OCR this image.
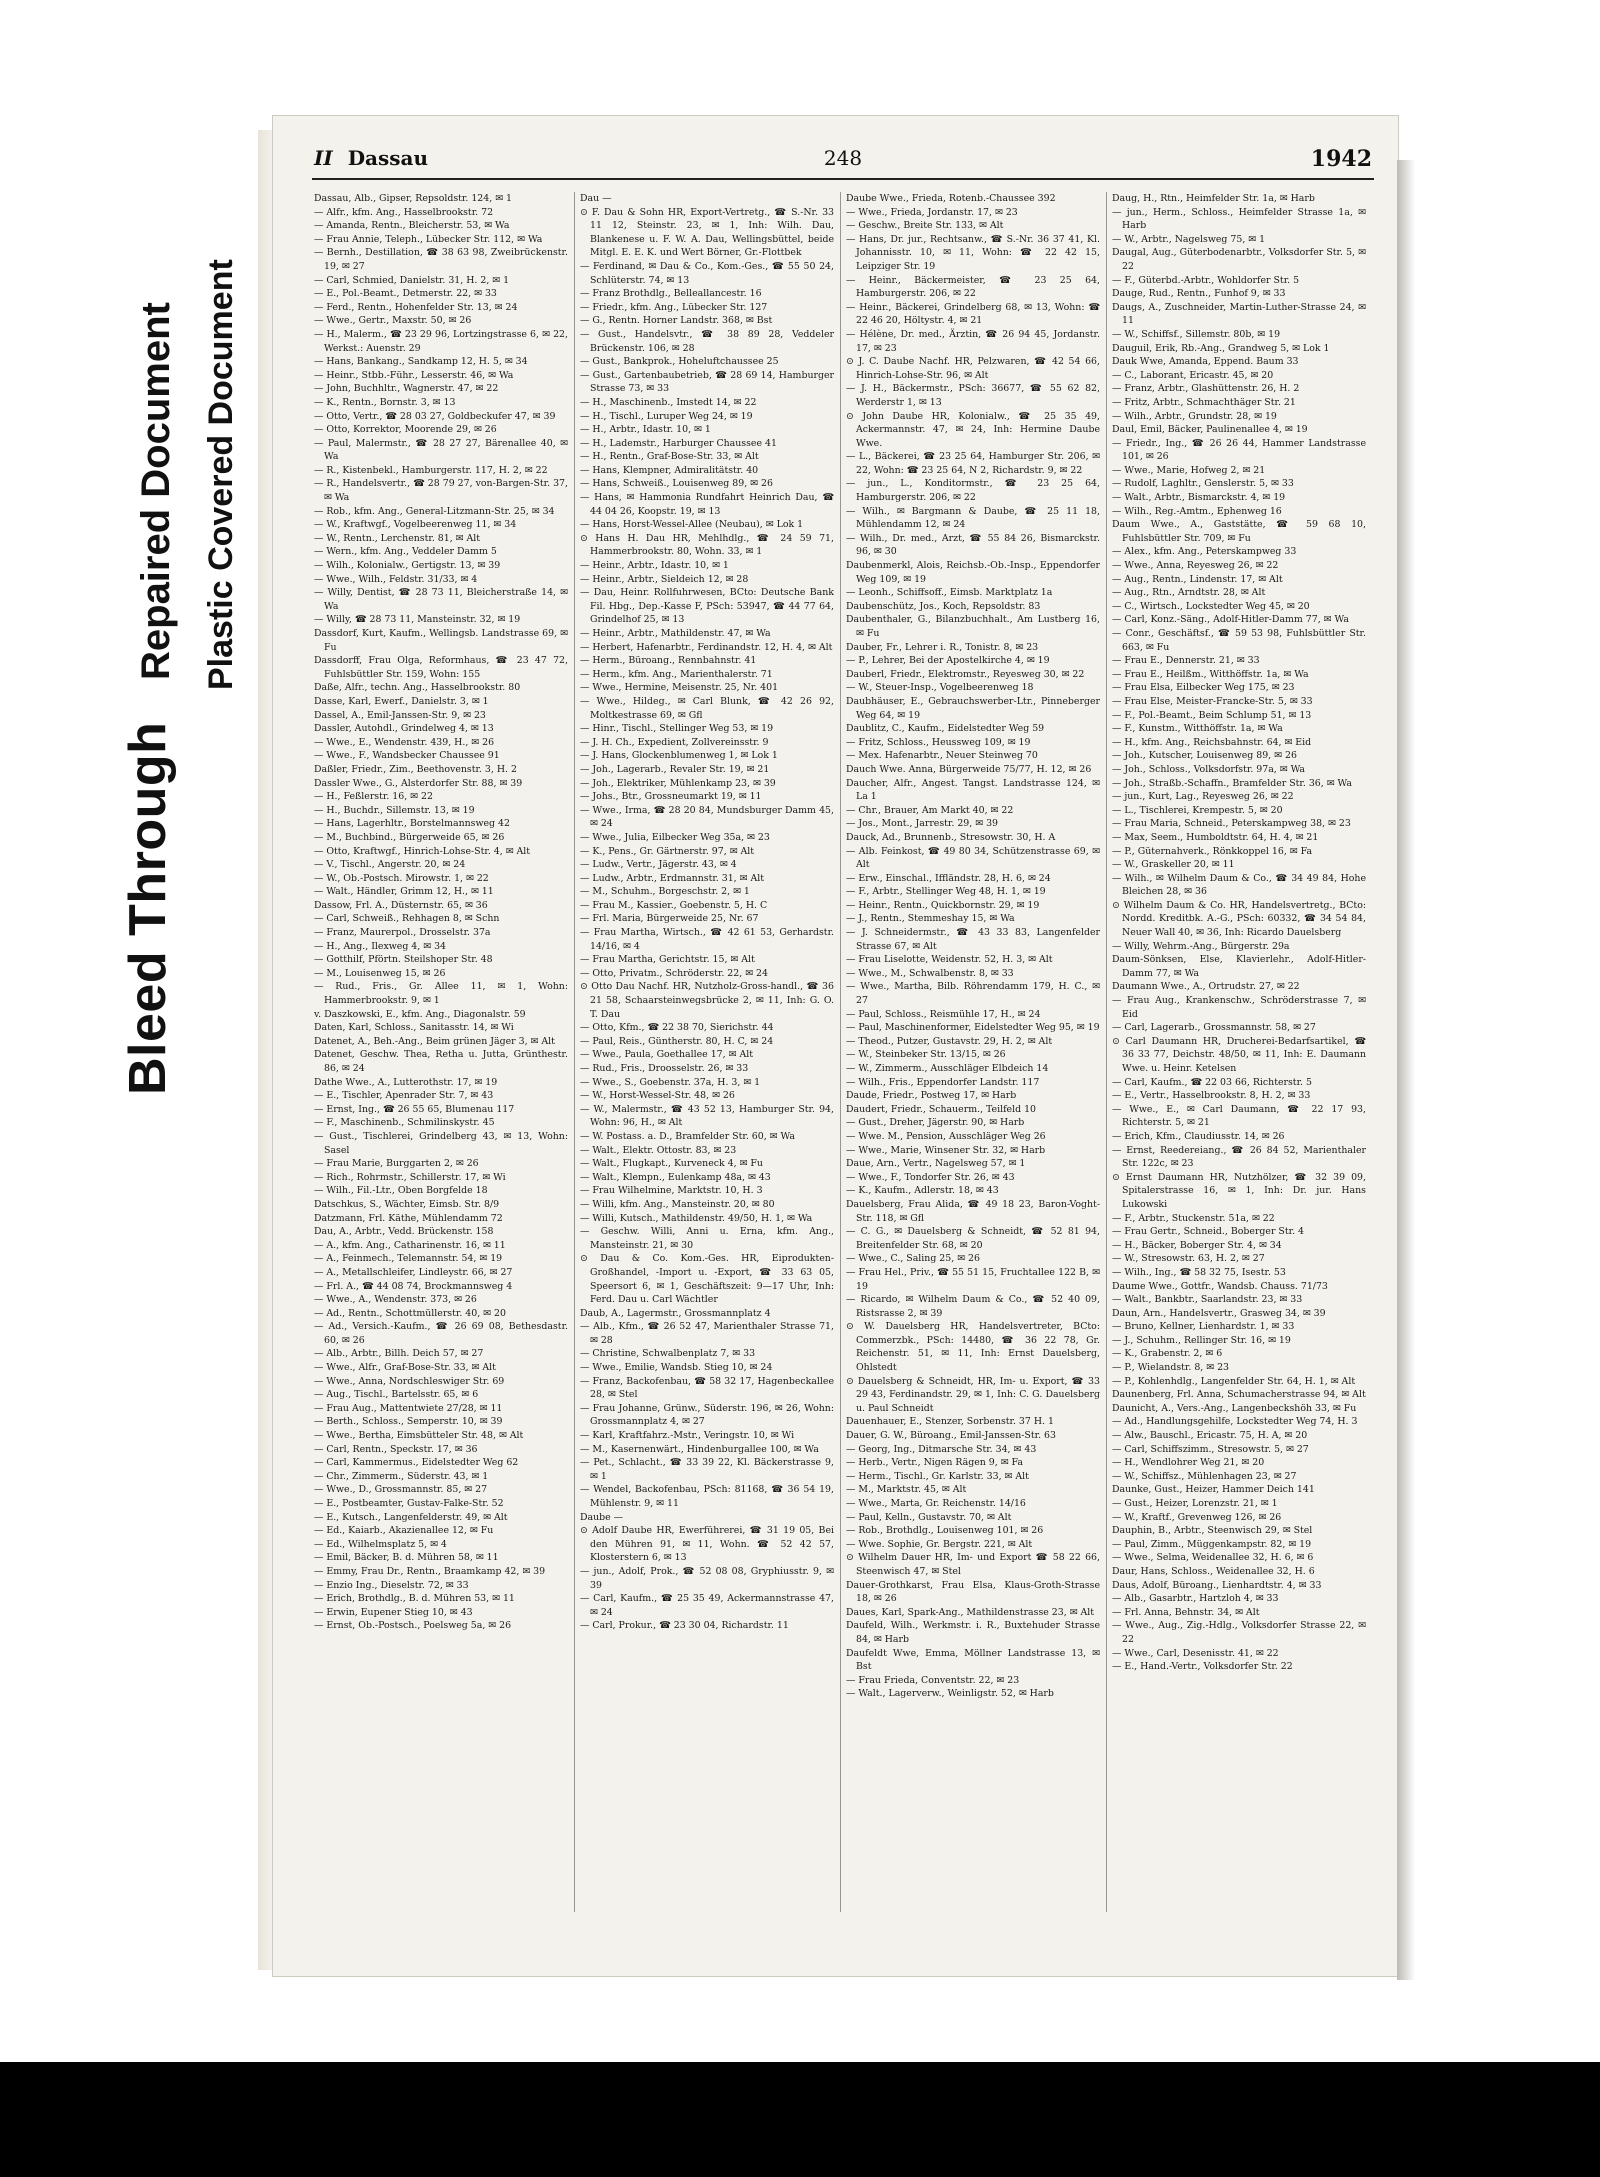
Bleed Through
Repaired Document Plastic Covered Document
II Dassau	248	1942
Dassau, Alb., Gipser, Repsoldstr. 124, ✉ 1
— Alfr., kfm. Ang., Hasselbrookstr. 72
— Amanda, Rentn., Bleicherstr. 53, ✉ Wa
— Frau Annie, Teleph., Lübecker Str. 112, ✉ Wa
— Bernh., Destillation, ☎ 38 63 98, Zweibrückenstr. 19, ✉ 27
— Carl, Schmied, Danielstr. 31, H. 2, ✉ 1
— E., Pol.-Beamt., Detmerstr. 22, ✉ 33
— Ferd., Rentn., Hohenfelder Str. 13, ✉ 24
— Wwe., Gertr., Maxstr. 50, ✉ 26
— H., Malerm., ☎ 23 29 96, Lortzingstrasse 6, ✉ 22, Werkst.: Auenstr. 29
— Hans, Bankang., Sandkamp 12, H. 5, ✉ 34
— Heinr., Stbb.-Führ., Lesserstr. 46, ✉ Wa
— John, Buchhltr., Wagnerstr. 47, ✉ 22
— K., Rentn., Bornstr. 3, ✉ 13
— Otto, Vertr., ☎ 28 03 27, Goldbeckufer 47, ✉ 39
— Otto, Korrektor, Moorende 29, ✉ 26
— Paul, Malermstr., ☎ 28 27 27, Bärenallee 40, ✉ Wa
— R., Kistenbekl., Hamburgerstr. 117, H. 2, ✉ 22
— R., Handelsvertr., ☎ 28 79 27, von-Bargen-Str. 37, ✉ Wa
— Rob., kfm. Ang., General-Litzmann-Str. 25, ✉ 34
— W., Kraftwgf., Vogelbeerenweg 11, ✉ 34
— W., Rentn., Lerchenstr. 81, ✉ Alt
— Wern., kfm. Ang., Veddeler Damm 5
— Wilh., Kolonialw., Gertigstr. 13, ✉ 39
— Wwe., Wilh., Feldstr. 31/33, ✉ 4
— Willy, Dentist, ☎ 28 73 11, Bleicherstraße 14, ✉ Wa
— Willy, ☎ 28 73 11, Mansteinstr. 32, ✉ 19
Dassdorf, Kurt, Kaufm., Wellingsb. Landstrasse 69, ✉ Fu
Dassdorff, Frau Olga, Reformhaus, ☎ 23 47 72, Fuhlsbüttler Str. 159, Wohn: 155
Daße, Alfr., techn. Ang., Hasselbrookstr. 80
Dasse, Karl, Ewerf., Danielstr. 3, ✉ 1
Dassel, A., Emil-Janssen-Str. 9, ✉ 23
Dassler, Autohdl., Grindelweg 4, ✉ 13
— Wwe., E., Wendenstr. 439, H., ✉ 26
— Wwe., F., Wandsbecker Chaussee 91
Daßler, Friedr., Zim., Beethovenstr. 3, H. 2
Dassler Wwe., G., Alsterdorfer Str. 88, ✉ 39
— H., Feßlerstr. 16, ✉ 22
— H., Buchdr., Sillemstr. 13, ✉ 19
— Hans, Lagerhltr., Borstelmannsweg 42
— M., Buchbind., Bürgerweide 65, ✉ 26
— Otto, Kraftwgf., Hinrich-Lohse-Str. 4, ✉ Alt
— V., Tischl., Angerstr. 20, ✉ 24
— W., Ob.-Postsch. Mirowstr. 1, ✉ 22
— Walt., Händler, Grimm 12, H., ✉ 11
Dassow, Frl. A., Düsternstr. 65, ✉ 36
— Carl, Schweiß., Rehhagen 8, ✉ Schn
— Franz, Maurerpol., Drosselstr. 37a
— H., Ang., Ilexweg 4, ✉ 34
— Gotthilf, Pförtn. Steilshoper Str. 48
— M., Louisenweg 15, ✉ 26
— Rud., Fris., Gr. Allee 11, ✉ 1, Wohn: Hammerbrookstr. 9, ✉ 1
v. Daszkowski, E., kfm. Ang., Diagonalstr. 59
Daten, Karl, Schloss., Sanitasstr. 14, ✉ Wi
Datenet, A., Beh.-Ang., Beim grünen Jäger 3, ✉ Alt
Datenet, Geschw. Thea, Retha u. Jutta, Grünthestr. 86, ✉ 24
Dathe Wwe., A., Lutterothstr. 17, ✉ 19
— E., Tischler, Apenrader Str. 7, ✉ 43
— Ernst, Ing., ☎ 26 55 65, Blumenau 117
— F., Maschinenb., Schmilinskystr. 45
— Gust., Tischlerei, Grindelberg 43, ✉ 13, Wohn: Sasel
— Frau Marie, Burggarten 2, ✉ 26
— Rich., Rohrmstr., Schillerstr. 17, ✉ Wi
— Wilh., Fil.-Ltr., Oben Borgfelde 18
Datschkus, S., Wächter, Eimsb. Str. 8/9
Datzmann, Frl. Käthe, Mühlendamm 72
Dau, A., Arbtr., Vedd. Brückenstr. 158
— A., kfm. Ang., Catharinenstr. 16, ✉ 11
— A., Feinmech., Telemannstr. 54, ✉ 19
— A., Metallschleifer, Lindleystr. 66, ✉ 27
— Frl. A., ☎ 44 08 74, Brockmannsweg 4
— Wwe., A., Wendenstr. 373, ✉ 26
— Ad., Rentn., Schottmüllerstr. 40, ✉ 20
— Ad., Versich.-Kaufm., ☎ 26 69 08, Bethesdastr. 60, ✉ 26
— Alb., Arbtr., Billh. Deich 57, ✉ 27
— Wwe., Alfr., Graf-Bose-Str. 33, ✉ Alt
— Wwe., Anna, Nordschleswiger Str. 69
— Aug., Tischl., Bartelsstr. 65, ✉ 6
— Frau Aug., Mattentwiete 27/28, ✉ 11
— Berth., Schloss., Semperstr. 10, ✉ 39
— Wwe., Bertha, Eimsbütteler Str. 48, ✉ Alt
— Carl, Rentn., Speckstr. 17, ✉ 36
— Carl, Kammermus., Eidelstedter Weg 62
— Chr., Zimmerm., Süderstr. 43, ✉ 1
— Wwe., D., Grossmannstr. 85, ✉ 27
— E., Postbeamter, Gustav-Falke-Str. 52
— E., Kutsch., Langenfelderstr. 49, ✉ Alt
— Ed., Kaiarb., Akazienallee 12, ✉ Fu
— Ed., Wilhelmsplatz 5, ✉ 4
— Emil, Bäcker, B. d. Mühren 58, ✉ 11
— Emmy, Frau Dr., Rentn., Braamkamp 42, ✉ 39
— Enzio Ing., Dieselstr. 72, ✉ 33
— Erich, Brothdlg., B. d. Mühren 53, ✉ 11
— Erwin, Eupener Stieg 10, ✉ 43
— Ernst, Ob.-Postsch., Poelsweg 5a, ✉ 26
Dau —
⊙ F. Dau & Sohn HR, Export-Vertretg., ☎ S.-Nr. 33 11 12, Steinstr. 23, ✉ 1, Inh: Wilh. Dau, Blankenese u. F. W. A. Dau, Wellingsbüttel, beide Mitgl. E. E. K. und Wert Börner, Gr.-Flottbek
— Ferdinand, ✉ Dau & Co., Kom.-Ges., ☎ 55 50 24, Schlüterstr. 74, ✉ 13
— Franz Brothdlg., Belleallancestr. 16
— Friedr., kfm. Ang., Lübecker Str. 127
— G., Rentn. Horner Landstr. 368, ✉ Bst
— Gust., Handelsvtr., ☎ 38 89 28, Veddeler Brückenstr. 106, ✉ 28
— Gust., Bankprok., Hoheluftchaussee 25
— Gust., Gartenbaubetrieb, ☎ 28 69 14, Hamburger Strasse 73, ✉ 33
— H., Maschinenb., Imstedt 14, ✉ 22
— H., Tischl., Luruper Weg 24, ✉ 19
— H., Arbtr., Idastr. 10, ✉ 1
— H., Lademstr., Harburger Chaussee 41
— H., Rentn., Graf-Bose-Str. 33, ✉ Alt
— Hans, Klempner, Admiralitätstr. 40
— Hans, Schweiß., Louisenweg 89, ✉ 26
— Hans, ✉ Hammonia Rundfahrt Heinrich Dau, ☎ 44 04 26, Koopstr. 19, ✉ 13
— Hans, Horst-Wessel-Allee (Neubau), ✉ Lok 1
⊙ Hans H. Dau HR, Mehlhdlg., ☎ 24 59 71, Hammerbrookstr. 80, Wohn. 33, ✉ 1
— Heinr., Arbtr., Idastr. 10, ✉ 1
— Heinr., Arbtr., Sieldeich 12, ✉ 28
— Dau, Heinr. Rollfuhrwesen, BCto: Deutsche Bank Fil. Hbg., Dep.-Kasse F, PSch: 53947, ☎ 44 77 64, Grindelhof 25, ✉ 13
— Heinr., Arbtr., Mathildenstr. 47, ✉ Wa
— Herbert, Hafenarbtr., Ferdinandstr. 12, H. 4, ✉ Alt
— Herm., Büroang., Rennbahnstr. 41
— Herm., kfm. Ang., Marienthalerstr. 71
— Wwe., Hermine, Meisenstr. 25, Nr. 401
— Wwe., Hildeg., ✉ Carl Blunk, ☎ 42 26 92, Moltkestrasse 69, ✉ Gfl
— Hinr., Tischl., Stellinger Weg 53, ✉ 19
— J. H. Ch., Expedient, Zollvereinsstr. 9
— J. Hans, Glockenblumenweg 1, ✉ Lok 1
— Joh., Lagerarb., Revaler Str. 19, ✉ 21
— Joh., Elektriker, Mühlenkamp 23, ✉ 39
— Johs., Btr., Grossneumarkt 19, ✉ 11
— Wwe., Irma, ☎ 28 20 84, Mundsburger Damm 45, ✉ 24
— Wwe., Julia, Eilbecker Weg 35a, ✉ 23
— K., Pens., Gr. Gärtnerstr. 97, ✉ Alt
— Ludw., Vertr., Jägerstr. 43, ✉ 4
— Ludw., Arbtr., Erdmannstr. 31, ✉ Alt
— M., Schuhm., Borgeschstr. 2, ✉ 1
— Frau M., Kassier., Goebenstr. 5, H. C
— Frl. Maria, Bürgerweide 25, Nr. 67
— Frau Martha, Wirtsch., ☎ 42 61 53, Gerhardstr. 14/16, ✉ 4
— Frau Martha, Gerichtstr. 15, ✉ Alt
— Otto, Privatm., Schröderstr. 22, ✉ 24
⊙ Otto Dau Nachf. HR, Nutzholz-Gross-handl., ☎ 36 21 58, Schaarsteinwegsbrücke 2, ✉ 11, Inh: G. O. T. Dau
— Otto, Kfm., ☎ 22 38 70, Sierichstr. 44
— Paul, Reis., Güntherstr. 80, H. C, ✉ 24
— Wwe., Paula, Goethallee 17, ✉ Alt
— Rud., Fris., Droosselstr. 26, ✉ 33
— Wwe., S., Goebenstr. 37a, H. 3, ✉ 1
— W., Horst-Wessel-Str. 48, ✉ 26
— W., Malermstr., ☎ 43 52 13, Hamburger Str. 94, Wohn: 96, H., ✉ Alt
— W. Postass. a. D., Bramfelder Str. 60, ✉ Wa
— Walt., Elektr. Ottostr. 83, ✉ 23
— Walt., Flugkapt., Kurveneck 4, ✉ Fu
— Walt., Klempn., Eulenkamp 48a, ✉ 43
— Frau Wilhelmine, Marktstr. 10, H. 3
— Willi, kfm. Ang., Mansteinstr. 20, ✉ 80
— Willi, Kutsch., Mathildenstr. 49/50, H. 1, ✉ Wa
— Geschw. Willi, Anni u. Erna, kfm. Ang., Mansteinstr. 21, ✉ 30
⊙ Dau & Co. Kom.-Ges. HR, Eiprodukten-Großhandel, -Import u. -Export, ☎ 33 63 05, Speersort 6, ✉ 1, Geschäftszeit: 9—17 Uhr, Inh: Ferd. Dau u. Carl Wächtler
Daub, A., Lagermstr., Grossmannplatz 4
— Alb., Kfm., ☎ 26 52 47, Marienthaler Strasse 71, ✉ 28
— Christine, Schwalbenplatz 7, ✉ 33
— Wwe., Emilie, Wandsb. Stieg 10, ✉ 24
— Franz, Backofenbau, ☎ 58 32 17, Hagenbeckallee 28, ✉ Stel
— Frau Johanne, Grünw., Süderstr. 196, ✉ 26, Wohn: Grossmannplatz 4, ✉ 27
— Karl, Kraftfahrz.-Mstr., Veringstr. 10, ✉ Wi
— M., Kasernenwärt., Hindenburgallee 100, ✉ Wa
— Pet., Schlacht., ☎ 33 39 22, Kl. Bäckerstrasse 9, ✉ 1
— Wendel, Backofenbau, PSch: 81168, ☎ 36 54 19, Mühlenstr. 9, ✉ 11
Daube —
⊙ Adolf Daube HR, Ewerführerei, ☎ 31 19 05, Bei den Mühren 91, ✉ 11, Wohn. ☎ 52 42 57, Klosterstern 6, ✉ 13
— jun., Adolf, Prok., ☎ 52 08 08, Gryphiusstr. 9, ✉ 39
— Carl, Kaufm., ☎ 25 35 49, Ackermannstrasse 47, ✉ 24
— Carl, Prokur., ☎ 23 30 04, Richardstr. 11
Daube Wwe., Frieda, Rotenb.-Chaussee 392
— Wwe., Frieda, Jordanstr. 17, ✉ 23
— Geschw., Breite Str. 133, ✉ Alt
— Hans, Dr. jur., Rechtsanw., ☎ S.-Nr. 36 37 41, Kl. Johannisstr. 10, ✉ 11, Wohn: ☎ 22 42 15, Leipziger Str. 19
— Heinr., Bäckermeister, ☎ 23 25 64, Hamburgerstr. 206, ✉ 22
— Heinr., Bäckerei, Grindelberg 68, ✉ 13, Wohn: ☎ 22 46 20, Höltystr. 4, ✉ 21
— Hélène, Dr. med., Ärztin, ☎ 26 94 45, Jordanstr. 17, ✉ 23
⊙ J. C. Daube Nachf. HR, Pelzwaren, ☎ 42 54 66, Hinrich-Lohse-Str. 96, ✉ Alt
— J. H., Bäckermstr., PSch: 36677, ☎ 55 62 82, Werderstr 1, ✉ 13
⊙ John Daube HR, Kolonialw., ☎ 25 35 49, Ackermannstr. 47, ✉ 24, Inh: Hermine Daube Wwe.
— L., Bäckerei, ☎ 23 25 64, Hamburger Str. 206, ✉ 22, Wohn: ☎ 23 25 64, N 2, Richardstr. 9, ✉ 22
— jun., L., Konditormstr., ☎ 23 25 64, Hamburgerstr. 206, ✉ 22
— Wilh., ✉ Bargmann & Daube, ☎ 25 11 18, Mühlendamm 12, ✉ 24
— Wilh., Dr. med., Arzt, ☎ 55 84 26, Bismarckstr. 96, ✉ 30
Daubenmerkl, Alois, Reichsb.-Ob.-Insp., Eppendorfer Weg 109, ✉ 19
— Leonh., Schiffsoff., Eimsb. Marktplatz 1a
Daubenschütz, Jos., Koch, Repsoldstr. 83
Daubenthaler, G., Bilanzbuchhalt., Am Lustberg 16, ✉ Fu
Dauber, Fr., Lehrer i. R., Tonistr. 8, ✉ 23
— P., Lehrer, Bei der Apostelkirche 4, ✉ 19
Dauberl, Friedr., Elektromstr., Reyesweg 30, ✉ 22
— W., Steuer-Insp., Vogelbeerenweg 18
Daubhäuser, E., Gebrauchswerber-Ltr., Pinneberger Weg 64, ✉ 19
Daublitz, C., Kaufm., Eidelstedter Weg 59
— Fritz, Schloss., Heussweg 109, ✉ 19
— Mex. Hafenarbtr., Neuer Steinweg 70
Dauch Wwe. Anna, Bürgerweide 75/77, H. 12, ✉ 26
Daucher, Alfr., Angest. Tangst. Landstrasse 124, ✉ La 1
— Chr., Brauer, Am Markt 40, ✉ 22
— Jos., Mont., Jarrestr. 29, ✉ 39
Dauck, Ad., Brunnenb., Stresowstr. 30, H. A
— Alb. Feinkost, ☎ 49 80 34, Schützenstrasse 69, ✉ Alt
— Erw., Einschal., Iffländstr. 28, H. 6, ✉ 24
— F., Arbtr., Stellinger Weg 48, H. 1, ✉ 19
— Heinr., Rentn., Quickbornstr. 29, ✉ 19
— J., Rentn., Stemmeshay 15, ✉ Wa
— J. Schneidermstr., ☎ 43 33 83, Langenfelder Strasse 67, ✉ Alt
— Frau Liselotte, Weidenstr. 52, H. 3, ✉ Alt
— Wwe., M., Schwalbenstr. 8, ✉ 33
— Wwe., Martha, Bilb. Röhrendamm 179, H. C., ✉ 27
— Paul, Schloss., Reismühle 17, H., ✉ 24
— Paul, Maschinenformer, Eidelstedter Weg 95, ✉ 19
— Theod., Putzer, Gustavstr. 29, H. 2, ✉ Alt
— W., Steinbeker Str. 13/15, ✉ 26
— W., Zimmerm., Ausschläger Elbdeich 14
— Wilh., Fris., Eppendorfer Landstr. 117
Daude, Friedr., Postweg 17, ✉ Harb
Daudert, Friedr., Schauerm., Teilfeld 10
— Gust., Dreher, Jägerstr. 90, ✉ Harb
— Wwe. M., Pension, Ausschläger Weg 26
— Wwe., Marie, Winsener Str. 32, ✉ Harb
Daue, Arn., Vertr., Nagelsweg 57, ✉ 1
— Wwe., F., Tondorfer Str. 26, ✉ 43
— K., Kaufm., Adlerstr. 18, ✉ 43
Dauelsberg, Frau Alida, ☎ 49 18 23, Baron-Voght-Str. 118, ✉ Gfl
— C. G., ✉ Dauelsberg & Schneidt, ☎ 52 81 94, Breitenfelder Str. 68, ✉ 20
— Wwe., C., Saling 25, ✉ 26
— Frau Hel., Priv., ☎ 55 51 15, Fruchtallee 122 B, ✉ 19
— Ricardo, ✉ Wilhelm Daum & Co., ☎ 52 40 09, Ristsrasse 2, ✉ 39
⊙ W. Dauelsberg HR, Handelsvertreter, BCto: Commerzbk., PSch: 14480, ☎ 36 22 78, Gr. Reichenstr. 51, ✉ 11, Inh: Ernst Dauelsberg, Ohlstedt
⊙ Dauelsberg & Schneidt, HR, Im- u. Export, ☎ 33 29 43, Ferdinandstr. 29, ✉ 1, Inh: C. G. Dauelsberg u. Paul Schneidt
Dauenhauer, E., Stenzer, Sorbenstr. 37 H. 1
Dauer, G. W., Büroang., Emil-Janssen-Str. 63
— Georg, Ing., Ditmarsche Str. 34, ✉ 43
— Herb., Vertr., Nigen Rägen 9, ✉ Fa
— Herm., Tischl., Gr. Karlstr. 33, ✉ Alt
— M., Marktstr. 45, ✉ Alt
— Wwe., Marta, Gr. Reichenstr. 14/16
— Paul, Kelln., Gustavstr. 70, ✉ Alt
— Rob., Brothdlg., Louisenweg 101, ✉ 26
— Wwe. Sophie, Gr. Bergstr. 221, ✉ Alt
⊙ Wilhelm Dauer HR, Im- und Export ☎ 58 22 66, Steenwisch 47, ✉ Stel
Dauer-Grothkarst, Frau Elsa, Klaus-Groth-Strasse 18, ✉ 26
Daues, Karl, Spark-Ang., Mathildenstrasse 23, ✉ Alt
Daufeld, Wilh., Werkmstr. i. R., Buxtehuder Strasse 84, ✉ Harb
Daufeldt Wwe, Emma, Möllner Landstrasse 13, ✉ Bst
— Frau Frieda, Conventstr. 22, ✉ 23
— Walt., Lagerverw., Weinligstr. 52, ✉ Harb
Daug, H., Rtn., Heimfelder Str. 1a, ✉ Harb
— jun., Herm., Schloss., Heimfelder Strasse 1a, ✉ Harb
— W., Arbtr., Nagelsweg 75, ✉ 1
Daugal, Aug., Güterbodenarbtr., Volksdorfer Str. 5, ✉ 22
— F., Güterbd.-Arbtr., Wohldorfer Str. 5
Dauge, Rud., Rentn., Funhof 9, ✉ 33
Daugs, A., Zuschneider, Martin-Luther-Strasse 24, ✉ 11
— W., Schiffsf., Sillemstr. 80b, ✉ 19
Dauguil, Erik, Rb.-Ang., Grandweg 5, ✉ Lok 1
Dauk Wwe, Amanda, Eppend. Baum 33
— C., Laborant, Ericastr. 45, ✉ 20
— Franz, Arbtr., Glashüttenstr. 26, H. 2
— Fritz, Arbtr., Schmachthäger Str. 21
— Wilh., Arbtr., Grundstr. 28, ✉ 19
Daul, Emil, Bäcker, Paulinenallee 4, ✉ 19
— Friedr., Ing., ☎ 26 26 44, Hammer Landstrasse 101, ✉ 26
— Wwe., Marie, Hofweg 2, ✉ 21
— Rudolf, Laghltr., Genslerstr. 5, ✉ 33
— Walt., Arbtr., Bismarckstr. 4, ✉ 19
— Wilh., Reg.-Amtm., Ephenweg 16
Daum Wwe., A., Gaststätte, ☎ 59 68 10, Fuhlsbüttler Str. 709, ✉ Fu
— Alex., kfm. Ang., Peterskampweg 33
— Wwe., Anna, Reyesweg 26, ✉ 22
— Aug., Rentn., Lindenstr. 17, ✉ Alt
— Aug., Rtn., Arndtstr. 28, ✉ Alt
— C., Wirtsch., Lockstedter Weg 45, ✉ 20
— Carl, Konz.-Säng., Adolf-Hitler-Damm 77, ✉ Wa
— Conr., Geschäftsf., ☎ 59 53 98, Fuhlsbüttler Str. 663, ✉ Fu
— Frau E., Dennerstr. 21, ✉ 33
— Frau E., Heilßm., Witthöffstr. 1a, ✉ Wa
— Frau Elsa, Eilbecker Weg 175, ✉ 23
— Frau Else, Meister-Francke-Str. 5, ✉ 33
— F., Pol.-Beamt., Beim Schlump 51, ✉ 13
— F., Kunstm., Witthöffstr. 1a, ✉ Wa
— H., kfm. Ang., Reichsbahnstr. 64, ✉ Eid
— Joh., Kutscher, Louisenweg 89, ✉ 26
— Joh., Schloss., Volksdorfstr. 97a, ✉ Wa
— Joh., Straßb.-Schaffn., Bramfelder Str. 36, ✉ Wa
— jun., Kurt, Lag., Reyesweg 26, ✉ 22
— L., Tischlerei, Krempestr. 5, ✉ 20
— Frau Maria, Schneid., Peterskampweg 38, ✉ 23
— Max, Seem., Humboldtstr. 64, H. 4, ✉ 21
— P., Güternahverk., Rönkkoppel 16, ✉ Fa
— W., Graskeller 20, ✉ 11
— Wilh., ✉ Wilhelm Daum & Co., ☎ 34 49 84, Hohe Bleichen 28, ✉ 36
⊙ Wilhelm Daum & Co. HR, Handelsvertretg., BCto: Nordd. Kreditbk. A.-G., PSch: 60332, ☎ 34 54 84, Neuer Wall 40, ✉ 36, Inh: Ricardo Dauelsberg
— Willy, Wehrm.-Ang., Bürgerstr. 29a
Daum-Sönksen, Else, Klavierlehr., Adolf-Hitler-Damm 77, ✉ Wa
Daumann Wwe., A., Ortrudstr. 27, ✉ 22
— Frau Aug., Krankenschw., Schröderstrasse 7, ✉ Eid
— Carl, Lagerarb., Grossmannstr. 58, ✉ 27
⊙ Carl Daumann HR, Drucherei-Bedarfsartikel, ☎ 36 33 77, Deichstr. 48/50, ✉ 11, Inh: E. Daumann Wwe. u. Heinr. Ketelsen
— Carl, Kaufm., ☎ 22 03 66, Richterstr. 5
— E., Vertr., Hasselbrookstr. 8, H. 2, ✉ 33
— Wwe., E., ✉ Carl Daumann, ☎ 22 17 93, Richterstr. 5, ✉ 21
— Erich, Kfm., Claudiusstr. 14, ✉ 26
— Ernst, Reedereiang., ☎ 26 84 52, Marienthaler Str. 122c, ✉ 23
⊙ Ernst Daumann HR, Nutzhölzer, ☎ 32 39 09, Spitalerstrasse 16, ✉ 1, Inh: Dr. jur. Hans Lukowski
— F., Arbtr., Stuckenstr. 51a, ✉ 22
— Frau Gertr., Schneid., Boberger Str. 4
— H., Bäcker, Boberger Str. 4, ✉ 34
— W., Stresowstr. 63, H. 2, ✉ 27
— Wilh., Ing., ☎ 58 32 75, Isestr. 53
Daume Wwe., Gottfr., Wandsb. Chauss. 71/73
— Walt., Bankbtr., Saarlandstr. 23, ✉ 33
Daun, Arn., Handelsvertr., Grasweg 34, ✉ 39
— Bruno, Kellner, Lienhardstr. 1, ✉ 33
— J., Schuhm., Rellinger Str. 16, ✉ 19
— K., Grabenstr. 2, ✉ 6
— P., Wielandstr. 8, ✉ 23
— P., Kohlenhdlg., Langenfelder Str. 64, H. 1, ✉ Alt
Daunenberg, Frl. Anna, Schumacherstrasse 94, ✉ Alt
Daunicht, A., Vers.-Ang., Langenbeckshöh 33, ✉ Fu
— Ad., Handlungsgehilfe, Lockstedter Weg 74, H. 3
— Alw., Bauschl., Ericastr. 75, H. A, ✉ 20
— Carl, Schiffszimm., Stresowstr. 5, ✉ 27
— H., Wendlohrer Weg 21, ✉ 20
— W., Schiffsz., Mühlenhagen 23, ✉ 27
Daunke, Gust., Heizer, Hammer Deich 141
— Gust., Heizer, Lorenzstr. 21, ✉ 1
— W., Kraftf., Grevenweg 126, ✉ 26
Dauphin, B., Arbtr., Steenwisch 29, ✉ Stel
— Paul, Zimm., Müggenkampstr. 82, ✉ 19
— Wwe., Selma, Weidenallee 32, H. 6, ✉ 6
Daur, Hans, Schloss., Weidenallee 32, H. 6
Daus, Adolf, Büroang., Lienhardtstr. 4, ✉ 33
— Alb., Gasarbtr., Hartzloh 4, ✉ 33
— Frl. Anna, Behnstr. 34, ✉ Alt
— Wwe., Aug., Zig.-Hdlg., Volksdorfer Strasse 22, ✉ 22
— Wwe., Carl, Desenisstr. 41, ✉ 22
— E., Hand.-Vertr., Volksdorfer Str. 22
